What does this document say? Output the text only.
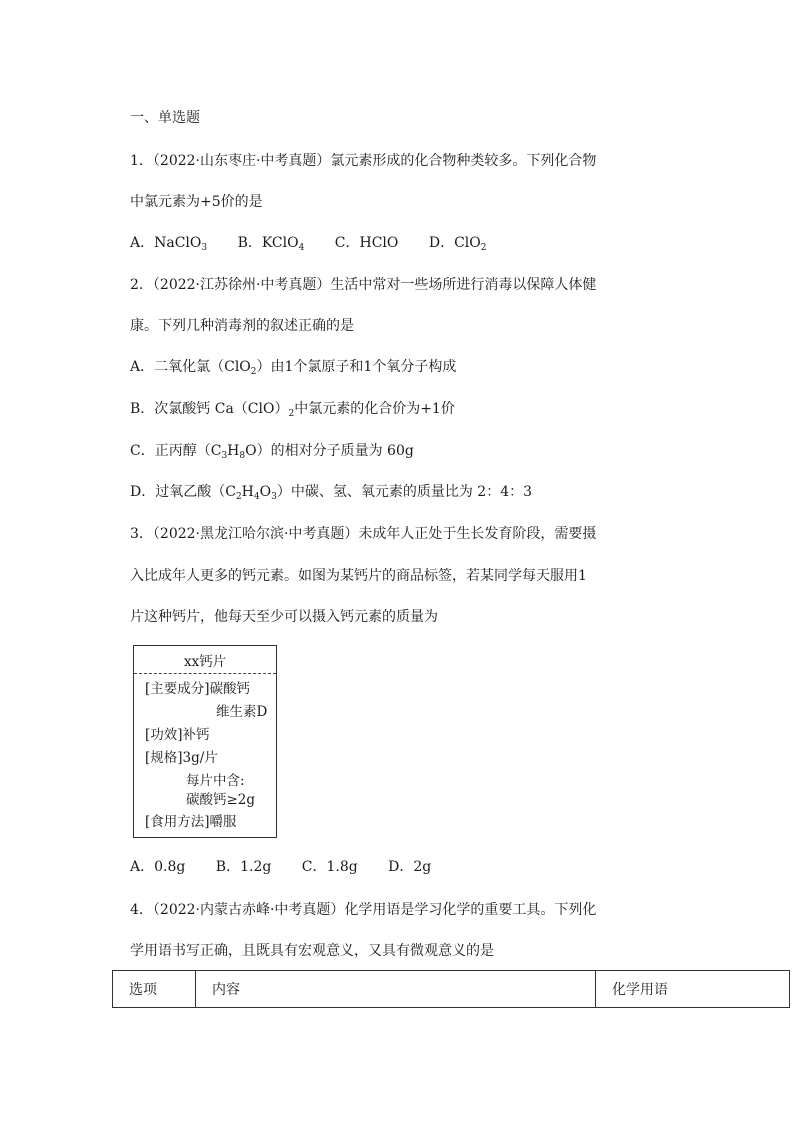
一、单选题
1．（2022·山东枣庄·中考真题）氯元素形成的化合物种类较多。下列化合物
中氯元素为+5价的是
A．NaClO$_3$ B．KClO$_4$ C．HClO D．ClO$_2$
2．（2022·江苏徐州·中考真题）生活中常对一些场所进行消毒以保障人体健
康。下列几种消毒剂的叙述正确的是
A．二氧化氯（ClO$_2$）由1个氯原子和1个氧分子构成
B．次氯酸钙 $Ca(ClO)_2$中氯元素的化合价为+1价
C．正丙醇$(C_3H_8O)$的相对分子质量为 60g
D．过氧乙酸$(C_2H_4O_3)$中碳、氢、氧元素的质量比为 2：4：3
3．（2022·黑龙江哈尔滨·中考真题）未成年人正处于生长发育阶段，需要摄
入比成年人更多的钙元素。如图为某钙片的商品标签，若某同学每天服用1
片这种钙片，他每天至少可以摄入钙元素的质量为
xx钙片
[主要成分]碳酸钙
维生素D
[功效]补钙
[规格]3g/片
每片中含:
碳酸钙≥2g
[食用方法]嚼服
A．0.8g B．1.2g C．1.8g D．2g
4．（2022·内蒙古赤峰·中考真题）化学用语是学习化学的重要工具。下列化
学用语书写正确，且既具有宏观意义，又具有微观意义的是
选项	内容	化学用语
